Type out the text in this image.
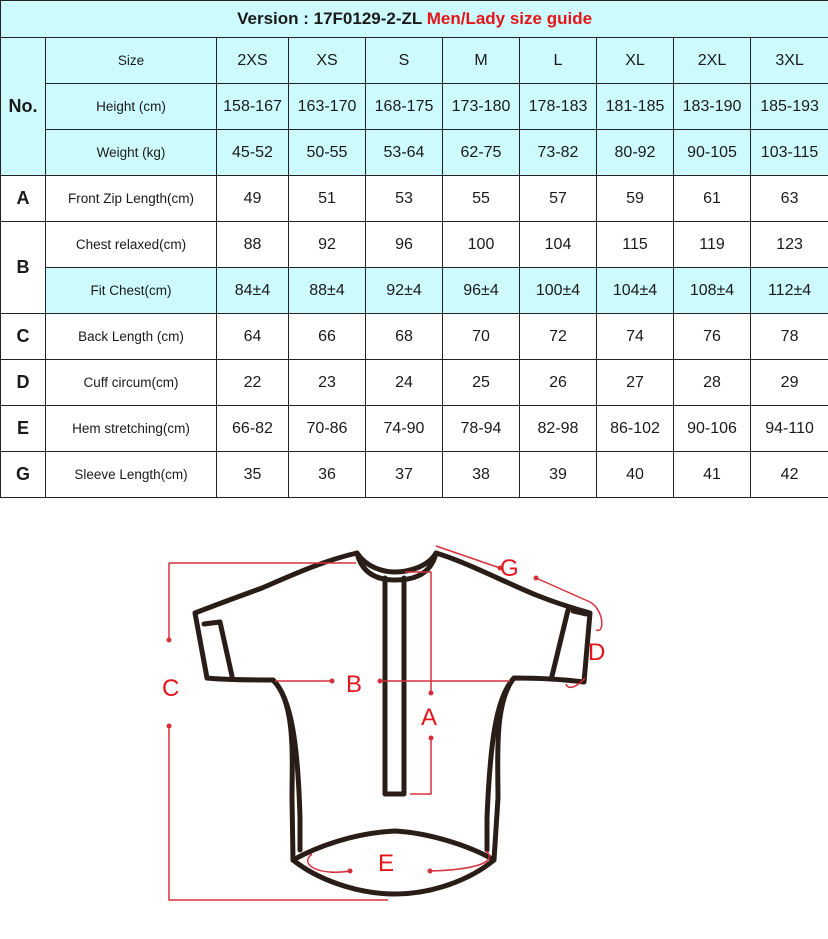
Version : 17F0129-2-ZL Men/Lady size guide									
No.	Size	2XS	XS	S	M	L	XL	2XL	3XL
	Height (cm)	158-167	163-170	168-175	173-180	178-183	181-185	183-190	185-193
	Weight (kg)	45-52	50-55	53-64	62-75	73-82	80-92	90-105	103-115
A	Front Zip Length(cm)	49	51	53	55	57	59	61	63
B	Chest relaxed(cm)	88	92	96	100	104	115	119	123
	Fit Chest(cm)	84±4	88±4	92±4	96±4	100±4	104±4	108±4	112±4
C	Back Length (cm)	64	66	68	70	72	74	76	78
D	Cuff circum(cm)	22	23	24	25	26	27	28	29
E	Hem stretching(cm)	66-82	70-86	74-90	78-94	82-98	86-102	90-106	94-110
G	Sleeve Length(cm)	35	36	37	38	39	40	41	42
C	B
A
G
D
E
